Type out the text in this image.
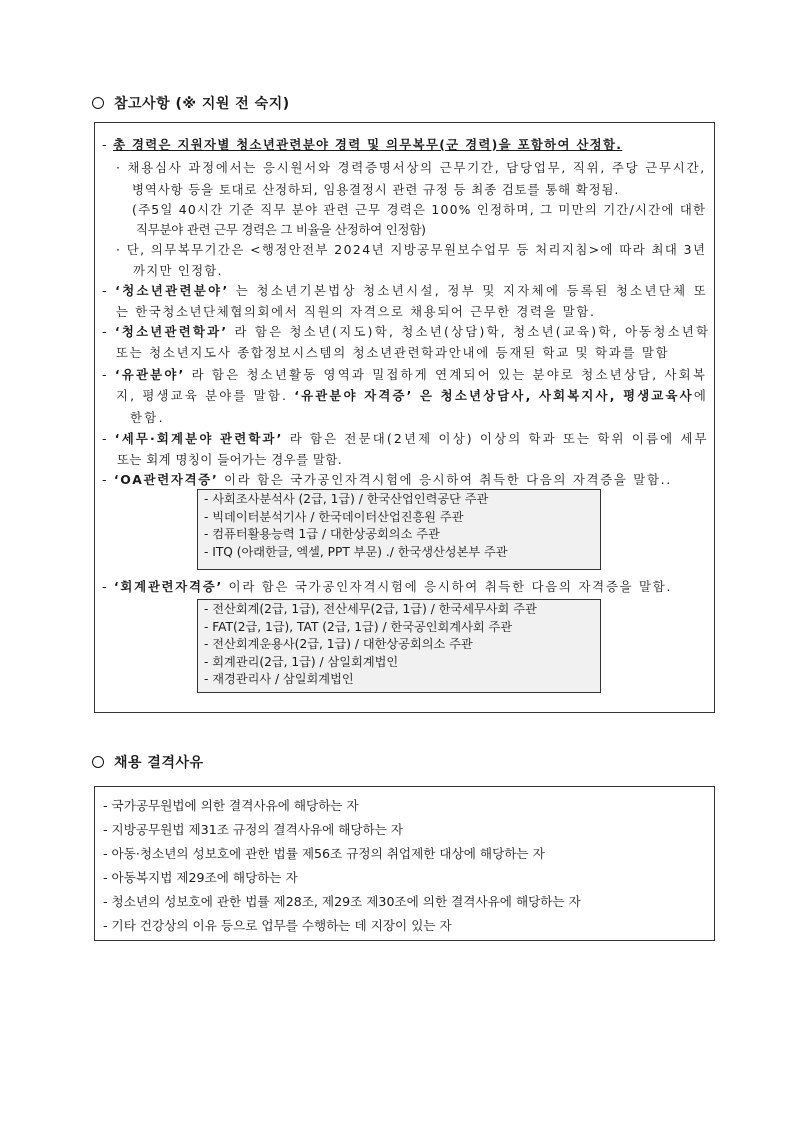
참고사항 (※ 지원 전 숙지)
- 총 경력은 지원자별 청소년관련분야 경력 및 의무복무(군 경력)을 포함하여 산정함.
· 채용심사 과정에서는 응시원서와 경력증명서상의 근무기간, 담당업무, 직위, 주당 근무시간,
병역사항 등을 토대로 산정하되, 임용결정시 관련 규정 등 최종 검토를 통해 확정됨.
(주5일 40시간 기준 직무 분야 관련 근무 경력은 100% 인정하며, 그 미만의 기간/시간에 대한
직무분야 관련 근무 경력은 그 비율을 산정하여 인정함)
· 단, 의무복무기간은 <행정안전부 2024년 지방공무원보수업무 등 처리지침>에 따라 최대 3년
까지만 인정함.
- ‘청소년관련분야’ 는 청소년기본법상 청소년시설, 정부 및 지자체에 등록된 청소년단체 또
는 한국청소년단체협의회에서 직원의 자격으로 채용되어 근무한 경력을 말함.
- ‘청소년관련학과’ 라 함은 청소년(지도)학, 청소년(상담)학, 청소년(교육)학, 아동청소년학
또는 청소년지도사 종합정보시스템의 청소년관련학과안내에 등재된 학교 및 학과를 말함
- ‘유관분야’ 라 함은 청소년활동 영역과 밀접하게 연계되어 있는 분야로 청소년상담, 사회복
지, 평생교육 분야를 말함. ‘유관분야 자격증’ 은 청소년상담사, 사회복지사, 평생교육사에
한함.
- ‘세무·회계분야 관련학과’ 라 함은 전문대(2년제 이상) 이상의 학과 또는 학위 이름에 세무
또는 회계 명칭이 들어가는 경우를 말함.
- ‘OA관련자격증’ 이라 함은 국가공인자격시험에 응시하여 취득한 다음의 자격증을 말함..
- ‘회계관련자격증’ 이라 함은 국가공인자격시험에 응시하여 취득한 다음의 자격증을 말함.
- 사회조사분석사 (2급, 1급) / 한국산업인력공단 주관
- 빅데이터분석기사 / 한국데이터산업진흥원 주관
- 컴퓨터활용능력 1급 / 대한상공회의소 주관
- ITQ (아래한글, 엑셀, PPT 부문) ./ 한국생산성본부 주관
- 전산회계(2급, 1급), 전산세무(2급, 1급) / 한국세무사회 주관
- FAT(2급, 1급), TAT (2급, 1급) / 한국공인회계사회 주관
- 전산회계운용사(2급, 1급) / 대한상공회의소 주관
- 회계관리(2급, 1급) / 삼일회계법인
- 재경관리사 / 삼일회계법인
채용 결격사유
- 국가공무원법에 의한 결격사유에 해당하는 자
- 지방공무원법 제31조 규정의 결격사유에 해당하는 자
- 아동·청소년의 성보호에 관한 법률 제56조 규정의 취업제한 대상에 해당하는 자
- 아동복지법 제29조에 해당하는 자
- 청소년의 성보호에 관한 법률 제28조, 제29조 제30조에 의한 결격사유에 해당하는 자
- 기타 건강상의 이유 등으로 업무를 수행하는 데 지장이 있는 자
